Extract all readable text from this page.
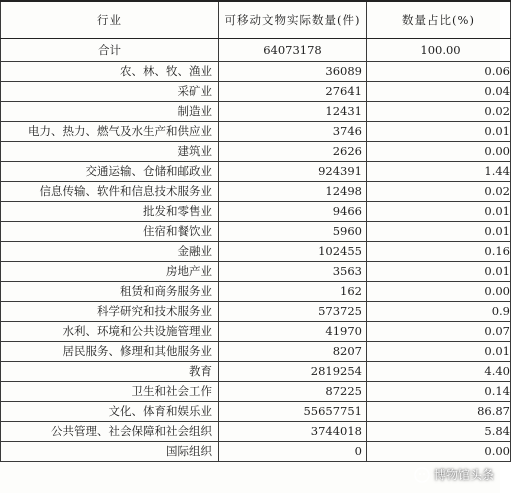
行业	可移动文物实际数量(件)	数量占比(%)
合计	64073178	100.00
农、林、牧、渔业	36089	0.06
采矿业	27641	0.04
制造业	12431	0.02
电力、热力、燃气及水生产和供应业	3746	0.01
建筑业	2626	0.00
交通运输、仓储和邮政业	924391	1.44
信息传输、软件和信息技术服务业	12498	0.02
批发和零售业	9466	0.01
住宿和餐饮业	5960	0.01
金融业	102455	0.16
房地产业	3563	0.01
租赁和商务服务业	162	0.00
科学研究和技术服务业	573725	0.9
水利、环境和公共设施管理业	41970	0.07
居民服务、修理和其他服务业	8207	0.01
教育	2819254	4.40
卫生和社会工作	87225	0.14
文化、体育和娱乐业	55657751	86.87
公共管理、社会保障和社会组织	3744018	5.84
国际组织	0	0.00
博物馆头条
